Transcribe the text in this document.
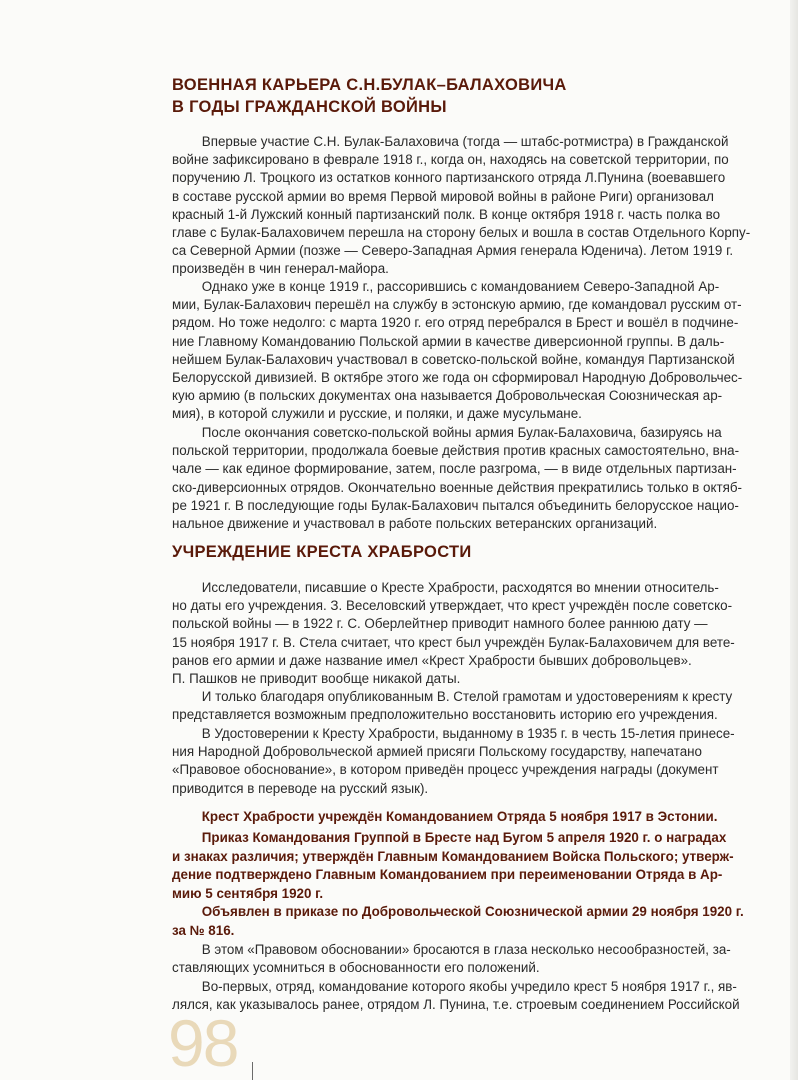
ВОЕННАЯ КАРЬЕРА С.Н.БУЛАК–БАЛАХОВИЧА
В ГОДЫ ГРАЖДАНСКОЙ ВОЙНЫ
Впервые участие С.Н. Булак-Балаховича (тогда — штабс-ротмистра) в Гражданской
войне зафиксировано в феврале 1918 г., когда он, находясь на советской территории, по
поручению Л. Троцкого из остатков конного партизанского отряда Л.Пунина (воевавшего
в составе русской армии во время Первой мировой войны в районе Риги) организовал
красный 1-й Лужский конный партизанский полк. В конце октября 1918 г. часть полка во
главе с Булак-Балаховичем перешла на сторону белых и вошла в состав Отдельного Корпу-
са Северной Армии (позже — Северо-Западная Армия генерала Юденича). Летом 1919 г.
произведён в чин генерал-майора.
Однако уже в конце 1919 г., рассорившись с командованием Северо-Западной Ар-
мии, Булак-Балахович перешёл на службу в эстонскую армию, где командовал русским от-
рядом. Но тоже недолго: с марта 1920 г. его отряд перебрался в Брест и вошёл в подчине-
ние Главному Командованию Польской армии в качестве диверсионной группы. В даль-
нейшем Булак-Балахович участвовал в советско-польской войне, командуя Партизанской
Белорусской дивизией. В октябре этого же года он сформировал Народную Добровольчес-
кую армию (в польских документах она называется Добровольческая Союзническая ар-
мия), в которой служили и русские, и поляки, и даже мусульмане.
После окончания советско-польской войны армия Булак-Балаховича, базируясь на
польской территории, продолжала боевые действия против красных самостоятельно, вна-
чале — как единое формирование, затем, после разгрома, — в виде отдельных партизан-
ско-диверсионных отрядов. Окончательно военные действия прекратились только в октяб-
ре 1921 г. В последующие годы Булак-Балахович пытался объединить белорусское нацио-
нальное движение и участвовал в работе польских ветеранских организаций.
УЧРЕЖДЕНИЕ КРЕСТА ХРАБРОСТИ
Исследователи, писавшие о Кресте Храбрости, расходятся во мнении относитель-
но даты его учреждения. З. Веселовский утверждает, что крест учреждён после советско-
польской войны — в 1922 г. С. Оберлейтнер приводит намного более раннюю дату —
15 ноября 1917 г. В. Стела считает, что крест был учреждён Булак-Балаховичем для вете-
ранов его армии и даже название имел «Крест Храбрости бывших добровольцев».
П. Пашков не приводит вообще никакой даты.
И только благодаря опубликованным В. Стелой грамотам и удостоверениям к кресту
представляется возможным предположительно восстановить историю его учреждения.
В Удостоверении к Кресту Храбрости, выданному в 1935 г. в честь 15-летия принесе-
ния Народной Добровольческой армией присяги Польскому государству, напечатано
«Правовое обоснование», в котором приведён процесс учреждения награды (документ
приводится в переводе на русский язык).
Крест Храбрости учреждён Командованием Отряда 5 ноября 1917 в Эстонии.
Приказ Командования Группой в Бресте над Бугом 5 апреля 1920 г. о наградах
и знаках различия; утверждён Главным Командованием Войска Польского; утверж-
дение подтверждено Главным Командованием при переименовании Отряда в Ар-
мию 5 сентября 1920 г.
Объявлен в приказе по Добровольческой Союзнической армии 29 ноября 1920 г.
за № 816.
В этом «Правовом обосновании» бросаются в глаза несколько несообразностей, за-
ставляющих усомниться в обоснованности его положений.
Во-первых, отряд, командование которого якобы учредило крест 5 ноября 1917 г., яв-
лялся, как указывалось ранее, отрядом Л. Пунина, т.е. строевым соединением Российской
98
